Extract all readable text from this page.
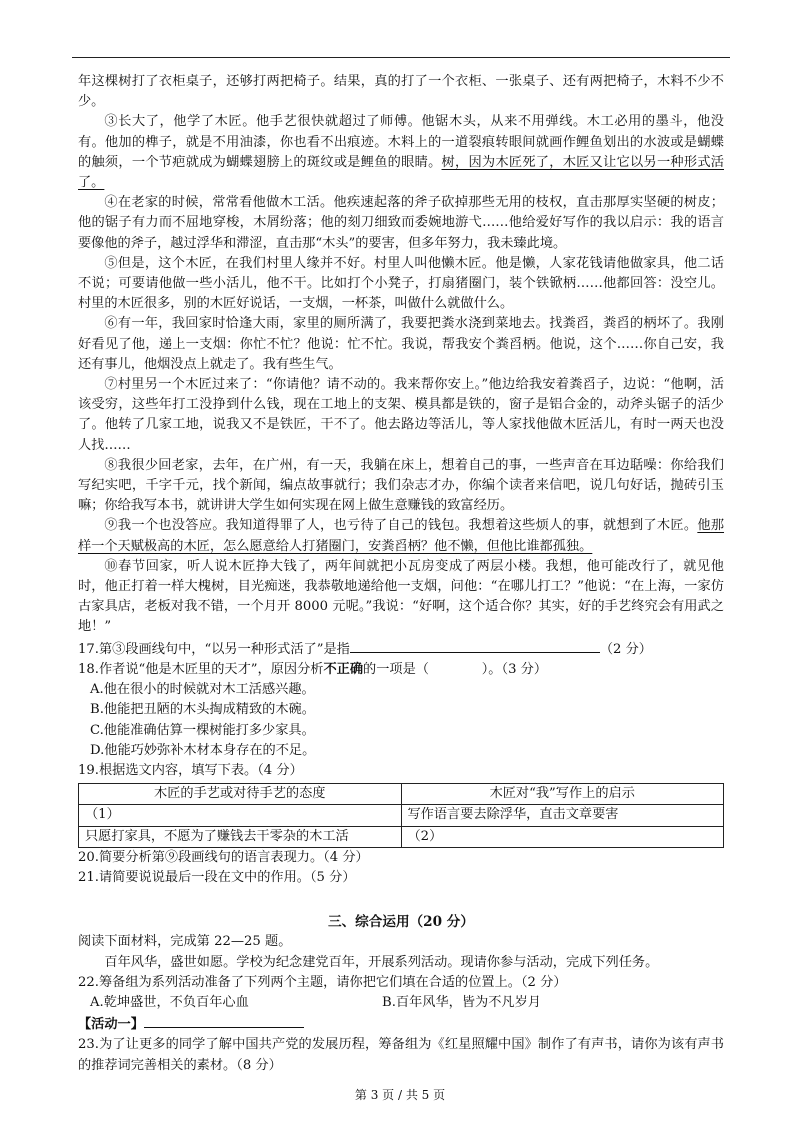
年这棵树打了衣柜桌子，还够打两把椅子。结果，真的打了一个衣柜、一张桌子、还有两把椅子，木料不少不少。

③长大了，他学了木匠。他手艺很快就超过了师傅。他锯木头，从来不用弹线。木工必用的墨斗，他没有。他加的榫子，就是不用油漆，你也看不出痕迹。木料上的一道裂痕转眼间就画作鲤鱼划出的水波或是蝴蝶的触须，一个节疤就成为蝴蝶翅膀上的斑纹或是鲤鱼的眼睛。树，因为木匠死了，木匠又让它以另一种形式活了。

④在老家的时候，常常看他做木工活。他疾速起落的斧子砍掉那些无用的枝权，直击那厚实坚硬的树皮；他的锯子有力而不屈地穿梭，木屑纷落；他的刻刀细致而委婉地游弋……他给爱好写作的我以启示：我的语言要像他的斧子，越过浮华和滞涩，直击那“木头”的要害，但多年努力，我未臻此境。

⑤但是，这个木匠，在我们村里人缘并不好。村里人叫他懒木匠。他是懒，人家花钱请他做家具，他二话不说；可要请他做一些小活儿，他不干。比如打个小凳子，打扇猪圈门，装个铁锨柄……他都回答：没空儿。村里的木匠很多，别的木匠好说话，一支烟，一杯茶，叫做什么就做什么。

⑥有一年，我回家时恰逢大雨，家里的厕所满了，我要把粪水浇到菜地去。找粪舀，粪舀的柄坏了。我刚好看见了他，递上一支烟：你忙不忙？他说：忙不忙。我说，帮我安个粪舀柄。他说，这个……你自己安，我还有事儿，他烟没点上就走了。我有些生气。

⑦村里另一个木匠过来了：“你请他？请不动的。我来帮你安上。”他边给我安着粪舀子，边说：“他啊，活该受穷，这些年打工没挣到什么钱，现在工地上的支架、模具都是铁的，窗子是铝合金的，动斧头锯子的活少了。他转了几家工地，说我又不是铁匠，干不了。他去路边等活儿，等人家找他做木匠活儿，有时一两天也没人找……

⑧我很少回老家，去年，在广州，有一天，我躺在床上，想着自己的事，一些声音在耳边聒噪：你给我们写纪实吧，千字千元，找个新闻，编点故事就行；我们杂志才办，你编个读者来信吧，说几句好话，抛砖引玉嘛；你给我写本书，就讲讲大学生如何实现在网上做生意赚钱的致富经历。

⑨我一个也没答应。我知道得罪了人，也亏待了自己的钱包。我想着这些烦人的事，就想到了木匠。他那样一个天赋极高的木匠，怎么愿意给人打猪圈门，安粪舀柄？他不懒，但他比谁都孤独。

⑩春节回家，听人说木匠挣大钱了，两年间就把小瓦房变成了两层小楼。我想，他可能改行了，就见他时，他正打着一样大槐树，目光痴迷，我恭敬地递给他一支烟，问他：“在哪儿打工？”他说：“在上海，一家仿古家具店，老板对我不错，一个月开 8000 元呢。”我说：“好啊，这个适合你？其实，好的手艺终究会有用武之地！”

17.第③段画线句中，“以另一种形式活了”是指	（2 分）

18.作者说“他是木匠里的天才”，原因分析不正确的一项是（　　　　）。（3 分）

A.他在很小的时候就对木工活感兴趣。

B.他能把丑陋的木头掏成精致的木碗。

C.他能准确估算一棵树能打多少家具。

D.他能巧妙弥补木材本身存在的不足。

19.根据选文内容，填写下表。（4 分）

木匠的手艺或对待手艺的态度	木匠对“我”写作上的启示
（1）	写作语言要去除浮华，直击文章要害
只愿打家具，不愿为了赚钱去干零杂的木工活	（2）

20.简要分析第⑨段画线句的语言表现力。（4 分）

21.请简要说说最后一段在文中的作用。（5 分）

三、综合运用（20 分）

阅读下面材料，完成第 22—25 题。

百年风华，盛世如愿。学校为纪念建党百年，开展系列活动。现请你参与活动，完成下列任务。

22.筹备组为系列活动准备了下列两个主题，请你把它们填在合适的位置上。（2 分）

A.乾坤盛世，不负百年心血	B.百年风华，皆为不凡岁月

【活动一】

23.为了让更多的同学了解中国共产党的发展历程，筹备组为《红星照耀中国》制作了有声书，请你为该有声书的推荐词完善相关的素材。（8 分）

第 3 页 / 共 5 页
